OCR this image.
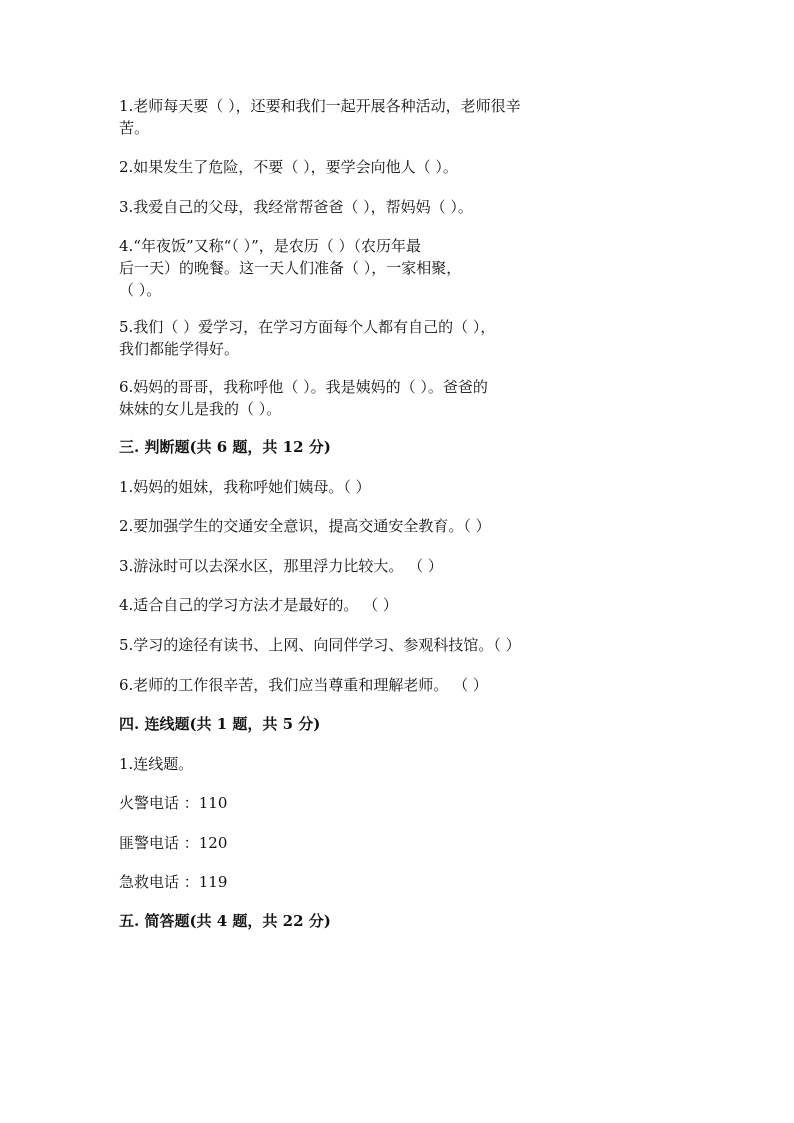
1.老师每天要（ ），还要和我们一起开展各种活动，老师很辛
苦。
2.如果发生了危险，不要（ ），要学会向他人（ ）。
3.我爱自己的父母，我经常帮爸爸（ ），帮妈妈（ ）。
4.“年夜饭”又称“（ ）”，是农历（ ）（农历年最
后一天）的晚餐。这一天人们准备（ ），一家相聚，
（ ）。
5.我们（ ）爱学习，在学习方面每个人都有自己的（ ），
我们都能学得好。
6.妈妈的哥哥，我称呼他（ ）。我是姨妈的（ ）。爸爸的
妹妹的女儿是我的（ ）。
三. 判断题(共 6 题，共 12 分)
1.妈妈的姐妹，我称呼她们姨母。（ ）
2.要加强学生的交通安全意识，提高交通安全教育。（ ）
3.游泳时可以去深水区，那里浮力比较大。 （ ）
4.适合自己的学习方法才是最好的。 （ ）
5.学习的途径有读书、上网、向同伴学习、参观科技馆。（ ）
6.老师的工作很辛苦，我们应当尊重和理解老师。 （ ）
四. 连线题(共 1 题，共 5 分)
1.连线题。
火警电话 ：110
匪警电话 ：120
急救电话 ：119
五. 简答题(共 4 题，共 22 分)
